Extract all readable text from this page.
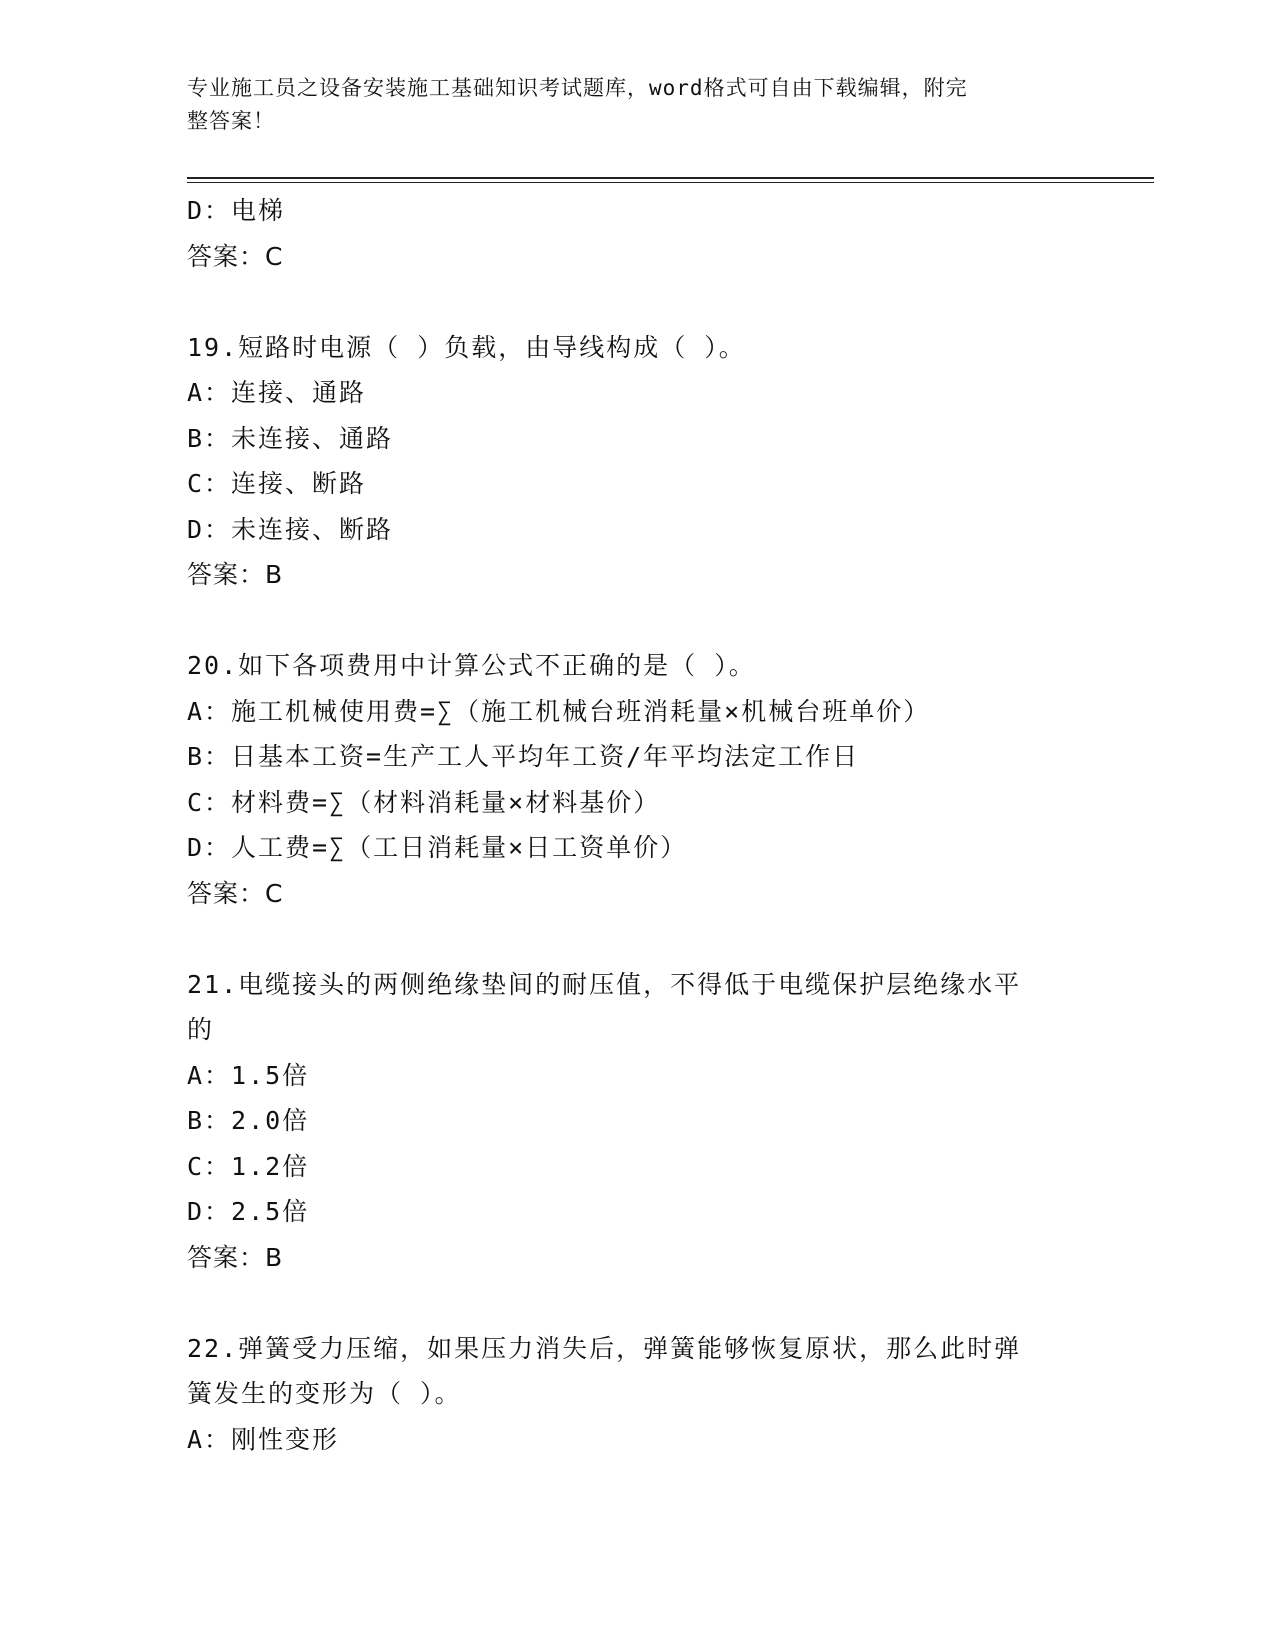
专业施工员之设备安装施工基础知识考试题库，word格式可自由下载编辑，附完
整答案！
D：电梯
答案：C
19.短路时电源（ ）负载，由导线构成（ ）。
A：连接、通路
B：未连接、通路
C：连接、断路
D：未连接、断路
答案：B
20.如下各项费用中计算公式不正确的是（ ）。
A：施工机械使用费=∑（施工机械台班消耗量×机械台班单价）
B：日基本工资=生产工人平均年工资/年平均法定工作日
C：材料费=∑（材料消耗量×材料基价）
D：人工费=∑（工日消耗量×日工资单价）
答案：C
21.电缆接头的两侧绝缘垫间的耐压值，不得低于电缆保护层绝缘水平
的
A：1.5倍
B：2.0倍
C：1.2倍
D：2.5倍
答案：B
22.弹簧受力压缩，如果压力消失后，弹簧能够恢复原状，那么此时弹
簧发生的变形为（ ）。
A：刚性变形
